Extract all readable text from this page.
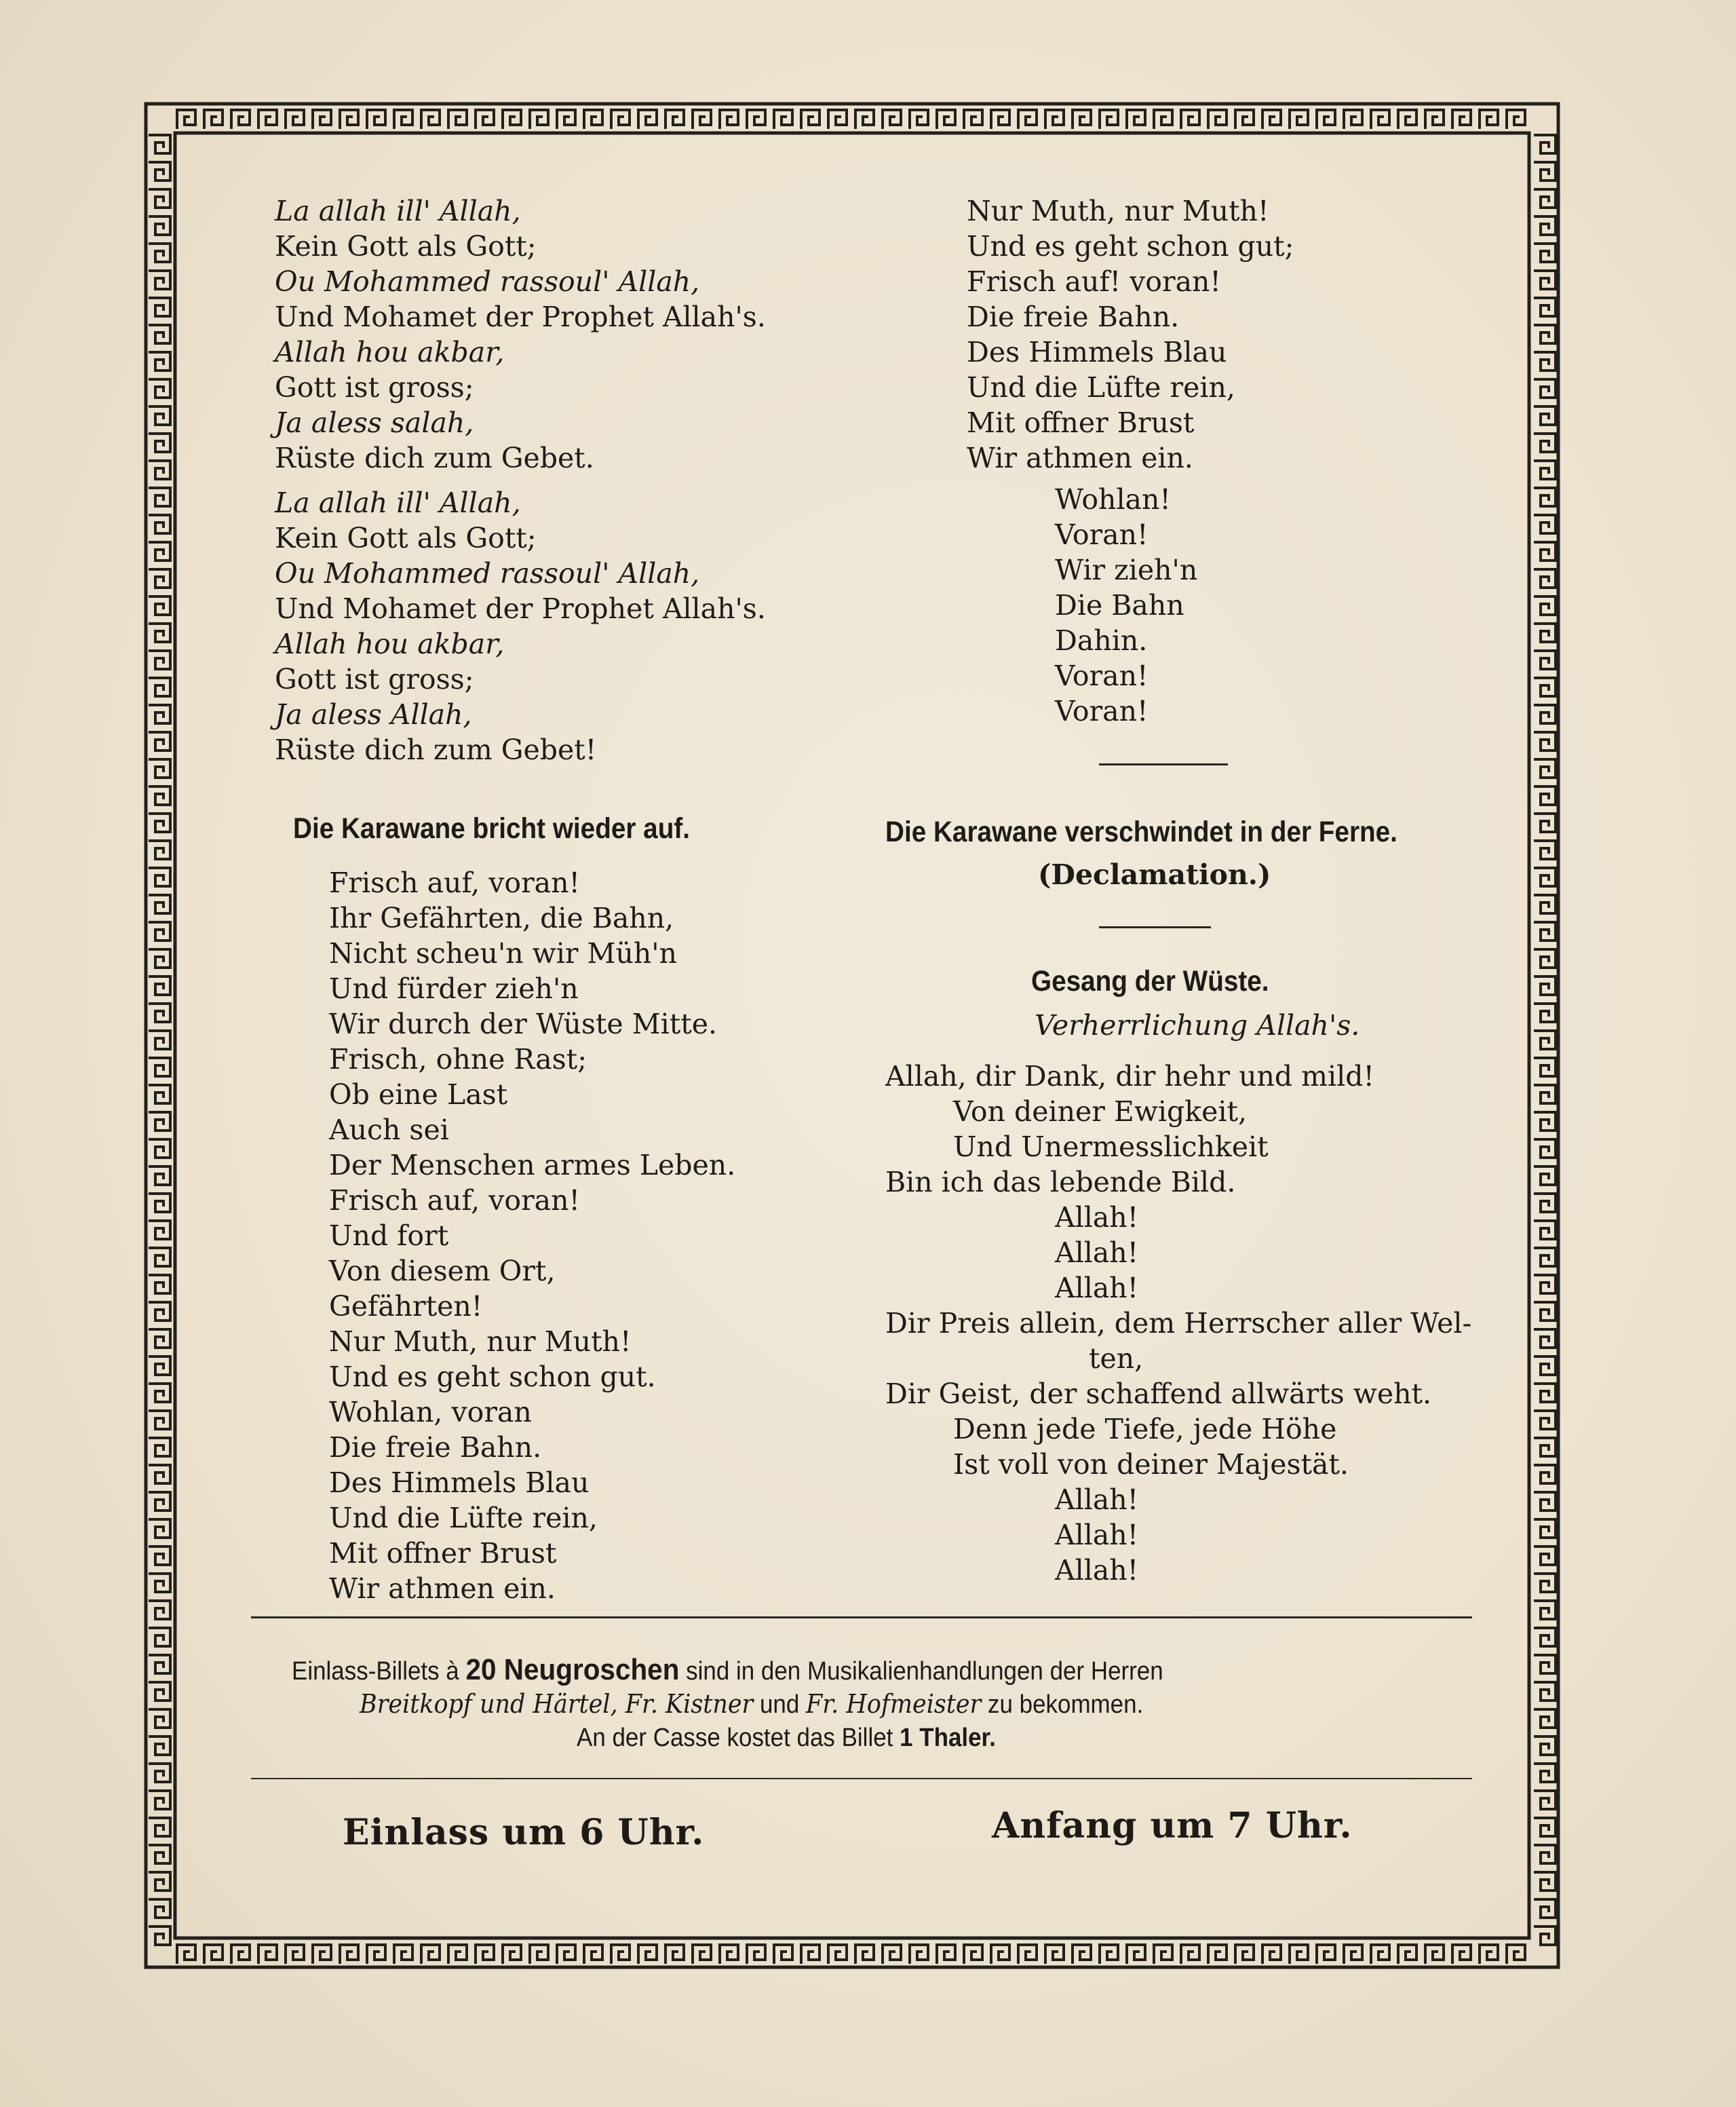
La allah ill' Allah,
Kein Gott als Gott;
Ou Mohammed rassoul' Allah,
Und Mohamet der Prophet Allah's.
Allah hou akbar,
Gott ist gross;
Ja aless salah,
Rüste dich zum Gebet.
La allah ill' Allah,
Kein Gott als Gott;
Ou Mohammed rassoul' Allah,
Und Mohamet der Prophet Allah's.
Allah hou akbar,
Gott ist gross;
Ja aless Allah,
Rüste dich zum Gebet!
Die Karawane bricht wieder auf.
Frisch auf, voran!
Ihr Gefährten, die Bahn,
Nicht scheu'n wir Müh'n
Und fürder zieh'n
Wir durch der Wüste Mitte.
Frisch, ohne Rast;
Ob eine Last
Auch sei
Der Menschen armes Leben.
Frisch auf, voran!
Und fort
Von diesem Ort,
Gefährten!
Nur Muth, nur Muth!
Und es geht schon gut.
Wohlan, voran
Die freie Bahn.
Des Himmels Blau
Und die Lüfte rein,
Mit offner Brust
Wir athmen ein.
Nur Muth, nur Muth!
Und es geht schon gut;
Frisch auf! voran!
Die freie Bahn.
Des Himmels Blau
Und die Lüfte rein,
Mit offner Brust
Wir athmen ein.
Wohlan!
Voran!
Wir zieh'n
Die Bahn
Dahin.
Voran!
Voran!
Die Karawane verschwindet in der Ferne.
(Declamation.)
Gesang der Wüste.
Verherrlichung Allah's.
Allah, dir Dank, dir hehr und mild!
Von deiner Ewigkeit,
Und Unermesslichkeit
Bin ich das lebende Bild.
Allah!
Allah!
Allah!
Dir Preis allein, dem Herrscher aller Wel-
ten,
Dir Geist, der schaffend allwärts weht.
Denn jede Tiefe, jede Höhe
Ist voll von deiner Majestät.
Allah!
Allah!
Allah!
Einlass-Billets à 20 Neugroschen sind in den Musikalienhandlungen der Herren
Breitkopf und Härtel, Fr. Kistner und Fr. Hofmeister zu bekommen.
An der Casse kostet das Billet 1 Thaler.
Einlass um 6 Uhr.	Anfang um 7 Uhr.
